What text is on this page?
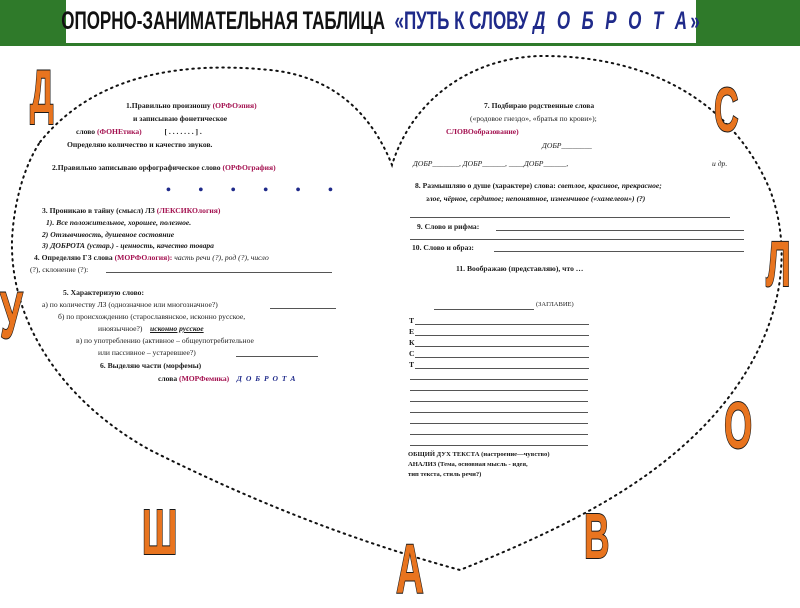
ОПОРНО-ЗАНИМАТЕЛЬНАЯ ТАБЛИЦА «ПУТЬ К СЛОВУ Д О Б Р О Т А»
Д	С
У
Л
О
Ш	В
А
1.Правильно произношу (ОРФОэпия)
и записываю фонетическое
слово (ФОНЕтика)	[ . . . . . . . ] .
Определяю количество и качество звуков.
2.Правильно записываю орфографическое слово (ОРФОграфия)
• • • • • •
3. Проникаю в тайну (смысл) ЛЗ (ЛЕКСИКОлогия)
1). Все положительное, хорошее, полезное.
2) Отзывчивость, душевное состояние
3) ДОБРОТА (устар.) - ценность, качество товара
4. Определяю ГЗ слова (МОРФОлогия): часть речи (?), род (?), число
(?), склонение (?):
5. Характеризую слово:
а) по количеству ЛЗ (однозначное или многозначное?)
б) по происхождению (старославянское, исконно русское,
иноязычное?) исконно русское
в) по употреблению (активное – общеупотребительное
или пассивное – устаревшее?)
6. Выделяю части (морфемы)
слова (МОРФемика) Д О Б Р О Т А
7. Подбираю родственные слова
(«родовое гнездо», «братья по крови»);
СЛОВОобразование)
ДОБР________
ДОБР_______, ДОБР______, ____ДОБР______,	и др.
8. Размышляю о душе (характере) слова: светлое, красивое, прекрасное;
злое, чёрное, сердитое; непонятное, изменчивое («хамелеон») (?)
9. Слово и рифма:
10. Слово и образ:
11. Воображаю (представляю), что …
(ЗАГЛАВИЕ)
Т
Е
К
С
Т
ОБЩИЙ ДУХ ТЕКСТА (настроение—чувство)
АНАЛИЗ (Тема, основная мысль - идея,
тип текста, стиль речи?)
